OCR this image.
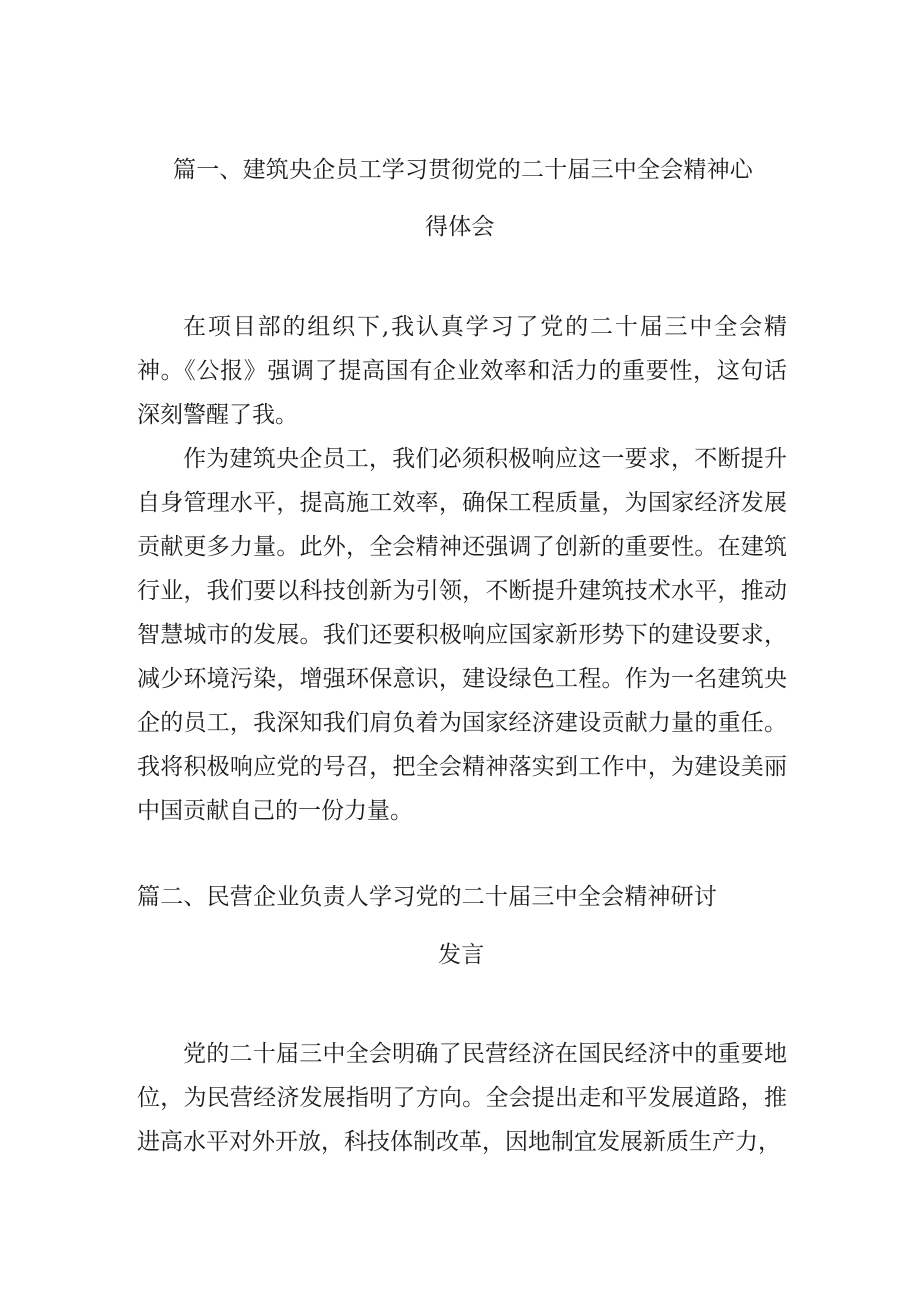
篇一、建筑央企员工学习贯彻党的二十届三中全会精神心
得体会

在项目部的组织下,我认真学习了党的二十届三中全会精神。《公报》强调了提高国有企业效率和活力的重要性，这句话深刻警醒了我。

作为建筑央企员工，我们必须积极响应这一要求，不断提升自身管理水平，提高施工效率，确保工程质量，为国家经济发展贡献更多力量。此外，全会精神还强调了创新的重要性。在建筑行业，我们要以科技创新为引领，不断提升建筑技术水平，推动智慧城市的发展。我们还要积极响应国家新形势下的建设要求，减少环境污染，增强环保意识，建设绿色工程。作为一名建筑央企的员工，我深知我们肩负着为国家经济建设贡献力量的重任。我将积极响应党的号召，把全会精神落实到工作中，为建设美丽中国贡献自己的一份力量。

篇二、民营企业负责人学习党的二十届三中全会精神研讨
发言

党的二十届三中全会明确了民营经济在国民经济中的重要地位，为民营经济发展指明了方向。全会提出走和平发展道路，推进高水平对外开放，科技体制改革，因地制宜发展新质生产力，
